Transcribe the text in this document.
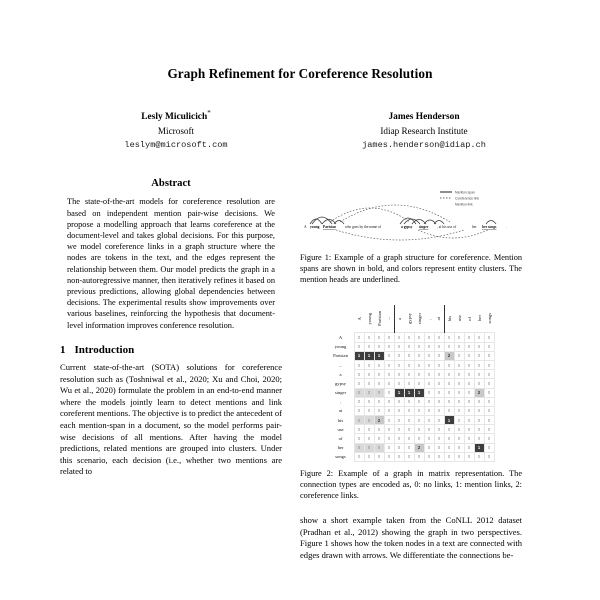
Graph Refinement for Coreference Resolution
Lesly Miculicich*
Microsoft
leslym@microsoft.com
James Henderson
Idiap Research Institute
james.henderson@idiap.ch
Abstract

The state-of-the-art models for coreference resolution are based on independent mention pair-wise decisions. We propose a modelling approach that learns coreference at the document-level and takes global decisions. For this purpose, we model coreference links in a graph structure where the nodes are tokens in the text, and the edges represent the relationship between them. Our model predicts the graph in a non-autoregressive manner, then iteratively refines it based on previous predictions, allowing global dependencies between decisions. The experimental results show improvements over various baselines, reinforcing the hypothesis that document-level information improves conference resolution.

1 Introduction

Current state-of-the-art (SOTA) solutions for coreference resolution such as (Toshniwal et al., 2020; Xu and Choi, 2020; Wu et al., 2020) formulate the problem in an end-to-end manner where the models jointly learn to detect mentions and link coreferent mentions. The objective is to predict the antecedent of each mention-span in a document, so the model performs pair-wise decisions of all mentions. After having the model predictions, related mentions are grouped into clusters. Under this scenario, each decision (i.e., whether two mentions are related to

Mention span
Coreference link
Mention link
A young Parisian	who goes by the name of	a gypsy singer , at his use of	her her songs	.

Figure 1: Example of a graph structure for coreference. Mention spans are shown in bold, and colors represent entity clusters. The mention heads are underlined.

	A	young	Parisian	...	a	gypsy	singer	,	at	his	use	of	her	songs
A	0	0	0	0	0	0	0	0	0	0	0	0	0	0
young	0	0	0	0	0	0	0	0	0	0	0	0	0	0
Parisian	1	1	1	0	0	0	0	0	0	2	0	0	0	0
...	0	0	0	0	0	0	0	0	0	0	0	0	0	0
a	0	0	0	0	0	0	0	0	0	0	0	0	0	0
gypsy	0	0	0	0	0	0	0	0	0	0	0	0	0	0
singer	0	0	0	0	1	1	1	0	0	0	0	0	2	0
,	0	0	0	0	0	0	0	0	0	0	0	0	0	0
at	0	0	0	0	0	0	0	0	0	0	0	0	0	0
his	0	0	2	0	0	0	0	0	0	1	0	0	0	0
use	0	0	0	0	0	0	0	0	0	0	0	0	0	0
of	0	0	0	0	0	0	0	0	0	0	0	0	0	0
her	0	0	0	0	0	0	2	0	0	0	0	0	1	0
songs	0	0	0	0	0	0	0	0	0	0	0	0	0	0

Figure 2: Example of a graph in matrix representation. The connection types are encoded as, 0: no links, 1: mention links, 2: coreference links.

show a short example taken from the CoNLL 2012 dataset (Pradhan et al., 2012) showing the graph in two perspectives. Figure 1 shows how the token nodes in a text are connected with edges drawn with arrows. We differentiate the connections be-
